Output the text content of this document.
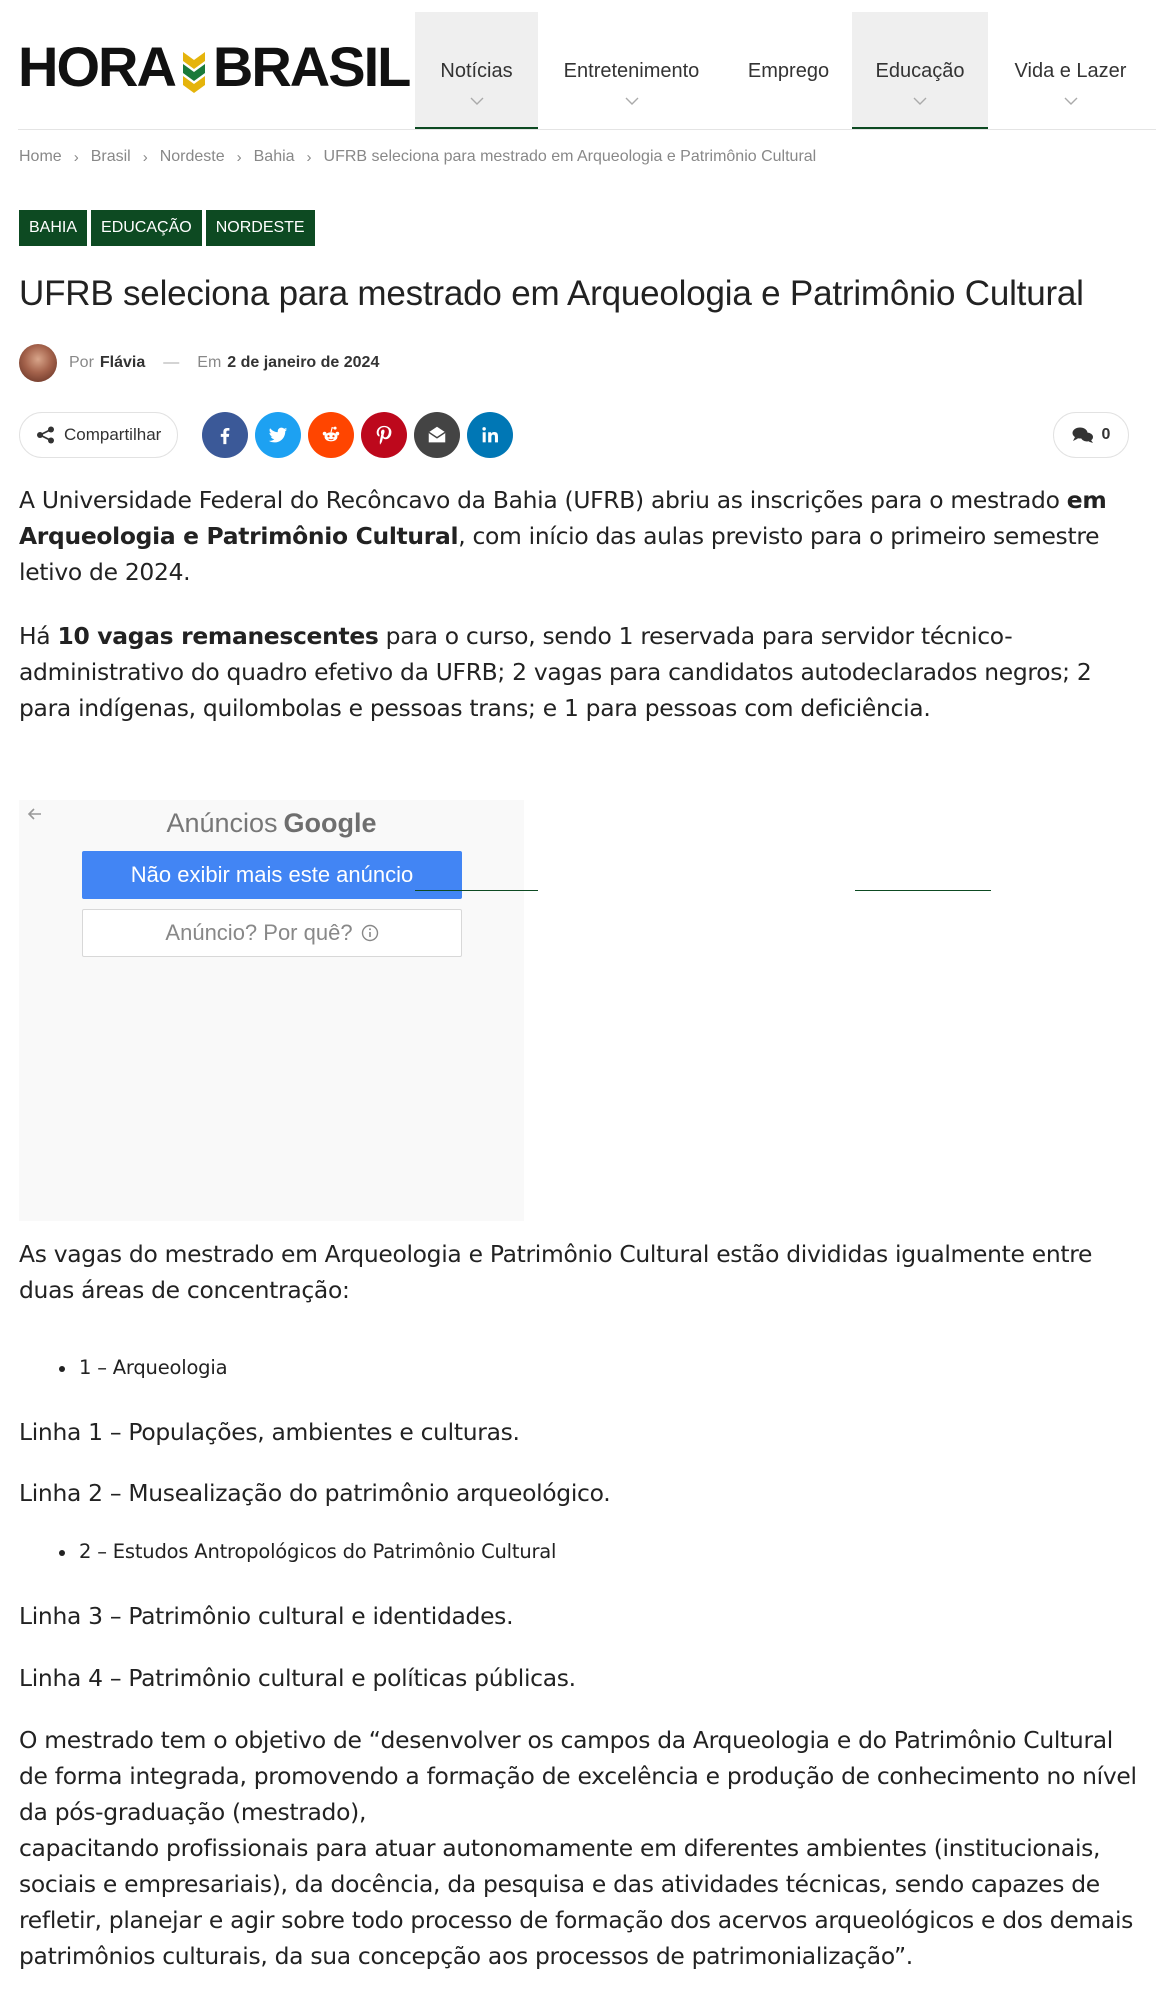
HORA BRASIL Notícias	Entretenimento Emprego Educação	Vida e Lazer
Home › Brasil › Nordeste › Bahia › UFRB seleciona para mestrado em Arqueologia e Patrimônio Cultural
BAHIA	EDUCAÇÃO	NORDESTE
UFRB seleciona para mestrado em Arqueologia e Patrimônio Cultural
Por Flávia — Em 2 de janeiro de 2024
Compartilhar	0

A Universidade Federal do Recôncavo da Bahia (UFRB) abriu as inscrições para o mestrado em Arqueologia e Patrimônio Cultural, com início das aulas previsto para o primeiro semestre letivo de 2024.

Há 10 vagas remanescentes para o curso, sendo 1 reservada para servidor técnico-administrativo do quadro efetivo da UFRB; 2 vagas para candidatos autodeclarados negros; 2 para indígenas, quilombolas e pessoas trans; e 1 para pessoas com deficiência.

As vagas do mestrado em Arqueologia e Patrimônio Cultural estão divididas igualmente entre duas áreas de concentração:

1 – Arqueologia

Linha 1 – Populações, ambientes e culturas.

Linha 2 – Musealização do patrimônio arqueológico.

2 – Estudos Antropológicos do Patrimônio Cultural

Linha 3 – Patrimônio cultural e identidades.

Linha 4 – Patrimônio cultural e políticas públicas.

O mestrado tem o objetivo de “desenvolver os campos da Arqueologia e do Patrimônio Cultural de forma integrada, promovendo a formação de excelência e produção de conhecimento no nível da pós-graduação (mestrado),
capacitando profissionais para atuar autonomamente em diferentes ambientes (institucionais, sociais e empresariais), da docência, da pesquisa e das atividades técnicas, sendo capazes de refletir, planejar e agir sobre todo processo de formação dos acervos arqueológicos e dos demais patrimônios culturais, da sua concepção aos processos de patrimonialização”.

Anúncios Google
Não exibir mais este anúncio
Anúncio? Por quê?
